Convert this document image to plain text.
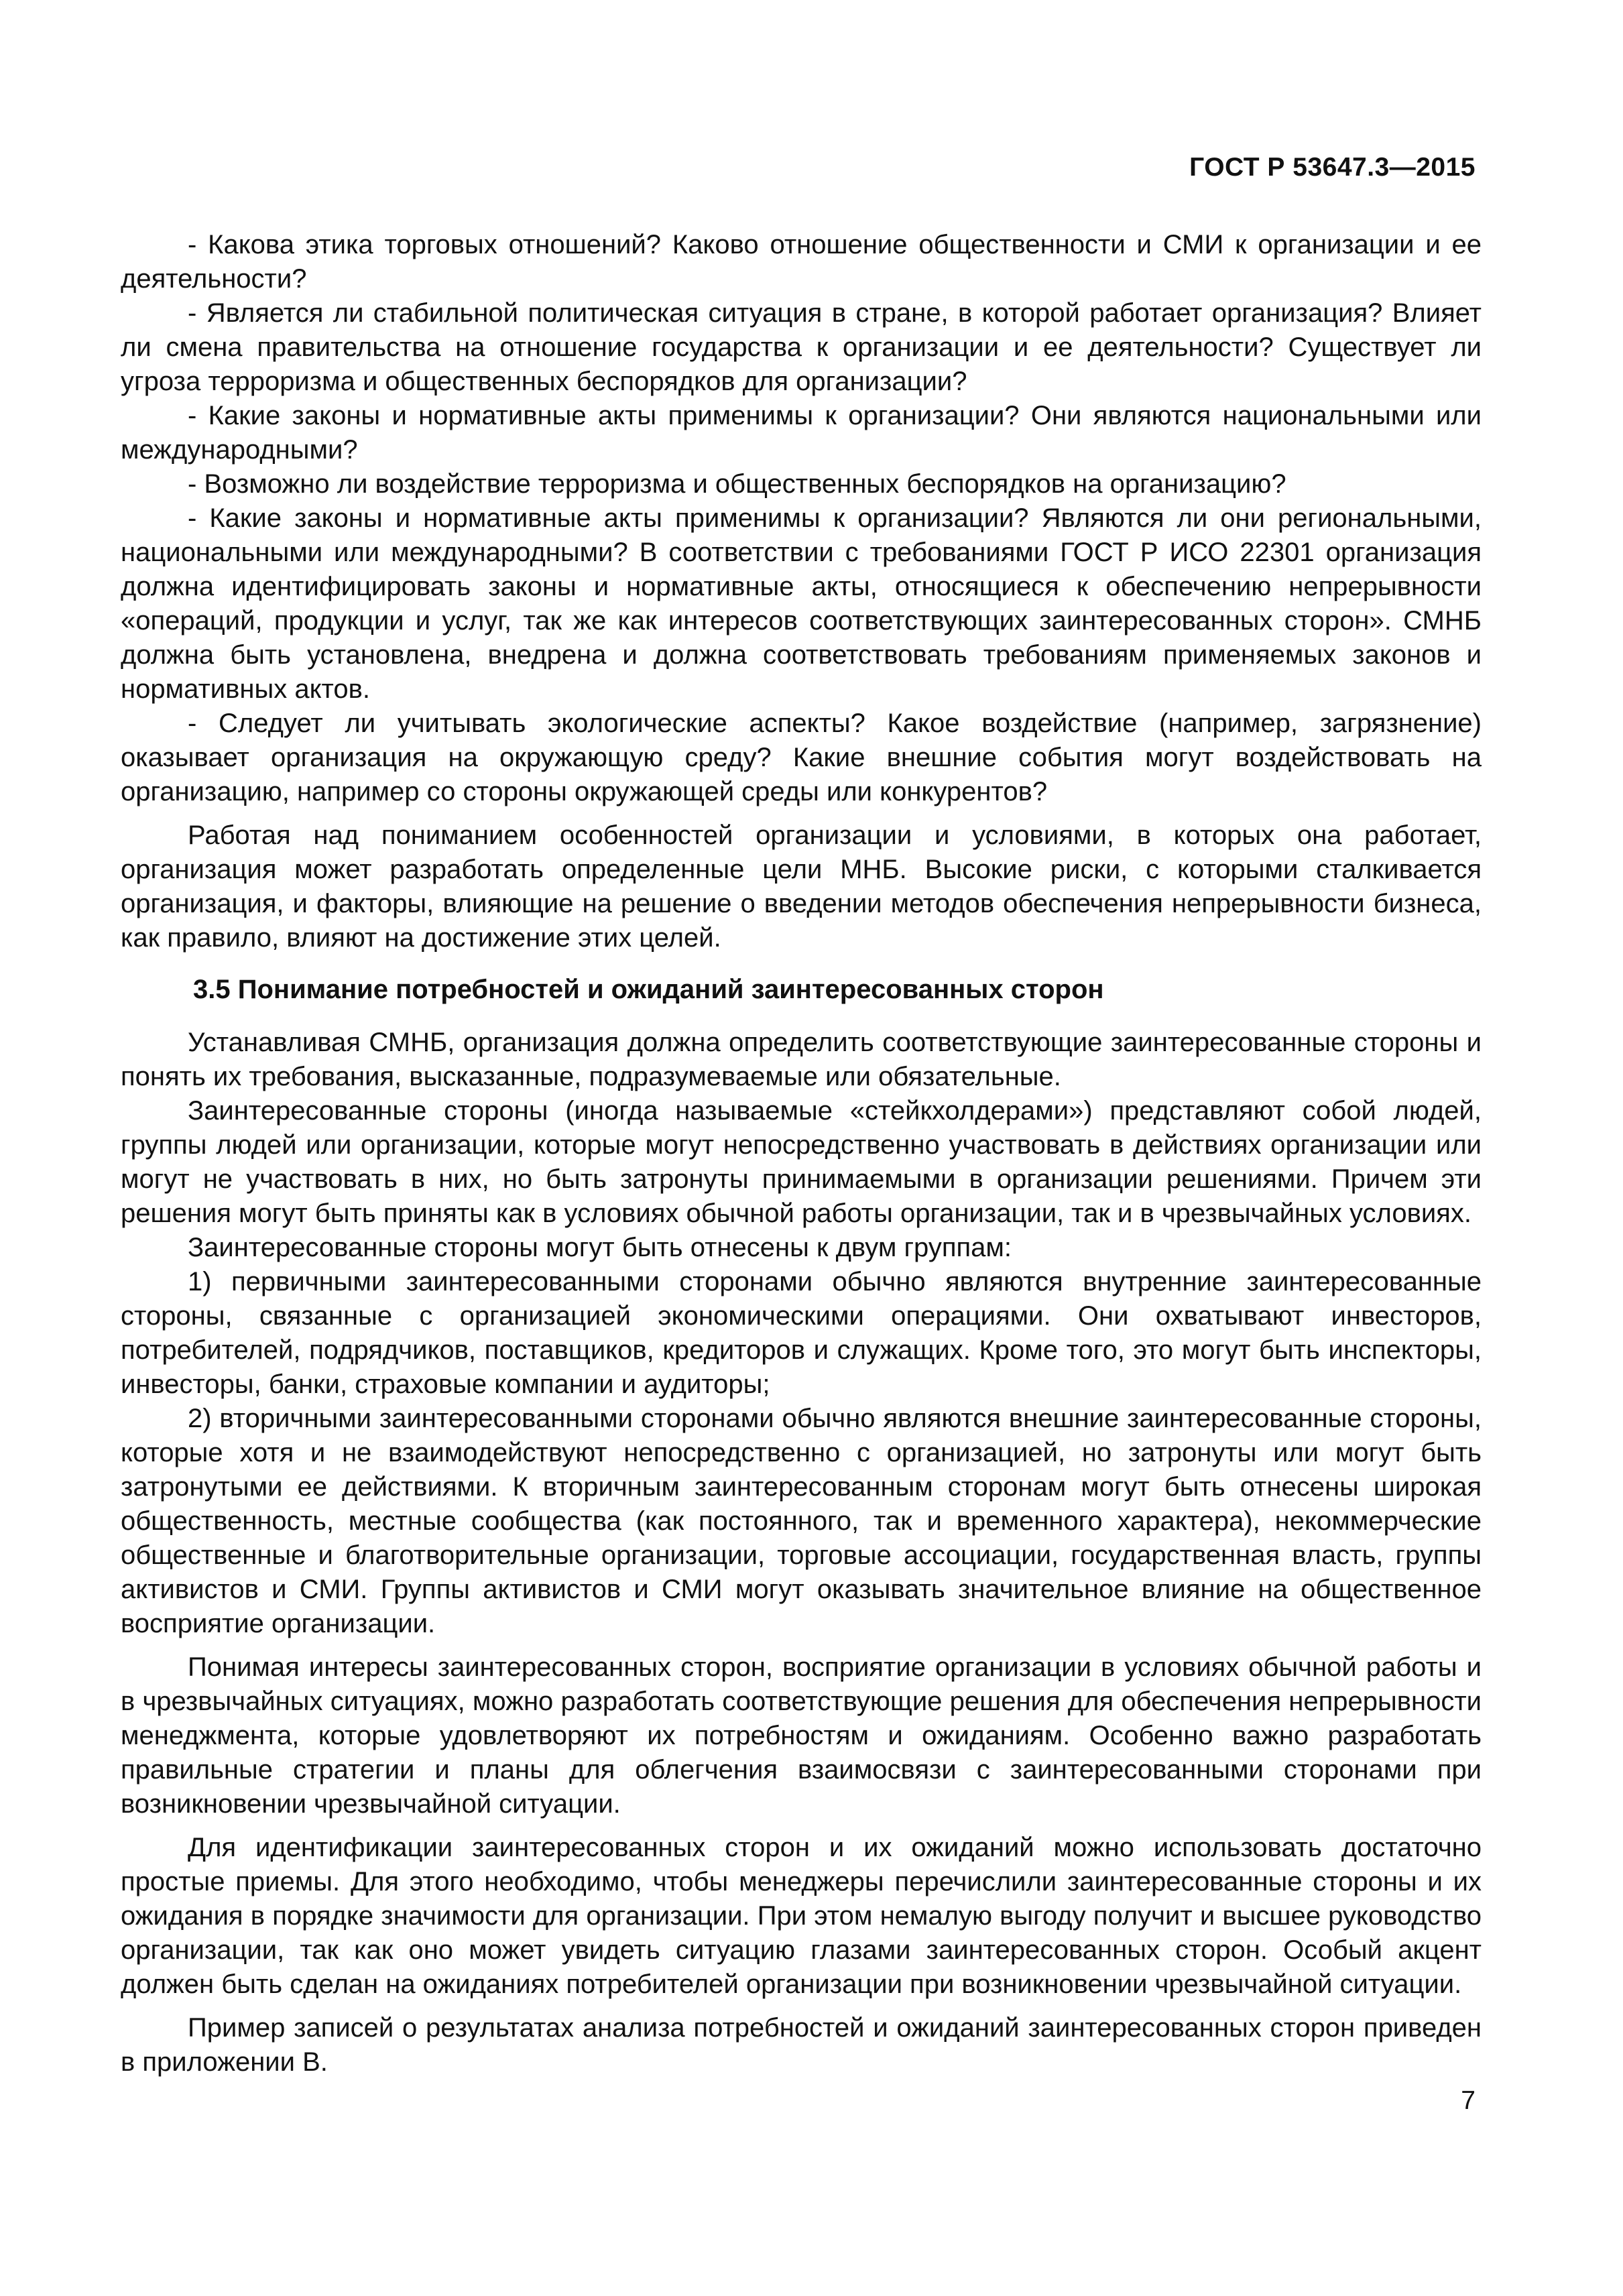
ГОСТ Р 53647.3—2015

- Какова этика торговых отношений? Каково отношение общественности и СМИ к организации и ее деятельности?

- Является ли стабильной политическая ситуация в стране, в которой работает организация? Влияет ли смена правительства на отношение государства к организации и ее деятельности? Существует ли угроза терроризма и общественных беспорядков для организации?

- Какие законы и нормативные акты применимы к организации? Они являются национальными или международными?

- Возможно ли воздействие терроризма и общественных беспорядков на организацию?

- Какие законы и нормативные акты применимы к организации? Являются ли они региональными, национальными или международными? В соответствии с требованиями ГОСТ Р ИСО 22301 организация должна идентифицировать законы и нормативные акты, относящиеся к обеспечению непрерывности «операций, продукции и услуг, так же как интересов соответствующих заинтересованных сторон». СМНБ должна быть установлена, внедрена и должна соответствовать требованиям применяемых законов и нормативных актов.

- Следует ли учитывать экологические аспекты? Какое воздействие (например, загрязнение) оказывает организация на окружающую среду? Какие внешние события могут воздействовать на организацию, например со стороны окружающей среды или конкурентов?

Работая над пониманием особенностей организации и условиями, в которых она работает, организация может разработать определенные цели МНБ. Высокие риски, с которыми сталкивается организация, и факторы, влияющие на решение о введении методов обеспечения непрерывности бизнеса, как правило, влияют на достижение этих целей.

3.5 Понимание потребностей и ожиданий заинтересованных сторон

Устанавливая СМНБ, организация должна определить соответствующие заинтересованные стороны и понять их требования, высказанные, подразумеваемые или обязательные.

Заинтересованные стороны (иногда называемые «стейкхолдерами») представляют собой людей, группы людей или организации, которые могут непосредственно участвовать в действиях организации или могут не участвовать в них, но быть затронуты принимаемыми в организации решениями. Причем эти решения могут быть приняты как в условиях обычной работы организации, так и в чрезвычайных условиях.

Заинтересованные стороны могут быть отнесены к двум группам:

1) первичными заинтересованными сторонами обычно являются внутренние заинтересованные стороны, связанные с организацией экономическими операциями. Они охватывают инвесторов, потребителей, подрядчиков, поставщиков, кредиторов и служащих. Кроме того, это могут быть инспекторы, инвесторы, банки, страховые компании и аудиторы;

2) вторичными заинтересованными сторонами обычно являются внешние заинтересованные стороны, которые хотя и не взаимодействуют непосредственно с организацией, но затронуты или могут быть затронутыми ее действиями. К вторичным заинтересованным сторонам могут быть отнесены широкая общественность, местные сообщества (как постоянного, так и временного характера), некоммерческие общественные и благотворительные организации, торговые ассоциации, государственная власть, группы активистов и СМИ. Группы активистов и СМИ могут оказывать значительное влияние на общественное восприятие организации.

Понимая интересы заинтересованных сторон, восприятие организации в условиях обычной работы и в чрезвычайных ситуациях, можно разработать соответствующие решения для обеспечения непрерывности менеджмента, которые удовлетворяют их потребностям и ожиданиям. Особенно важно разработать правильные стратегии и планы для облегчения взаимосвязи с заинтересованными сторонами при возникновении чрезвычайной ситуации.

Для идентификации заинтересованных сторон и их ожиданий можно использовать достаточно простые приемы. Для этого необходимо, чтобы менеджеры перечислили заинтересованные стороны и их ожидания в порядке значимости для организации. При этом немалую выгоду получит и высшее руководство организации, так как оно может увидеть ситуацию глазами заинтересованных сторон. Особый акцент должен быть сделан на ожиданиях потребителей организации при возникновении чрезвычайной ситуации.

Пример записей о результатах анализа потребностей и ожиданий заинтересованных сторон приведен в приложении В.

7
